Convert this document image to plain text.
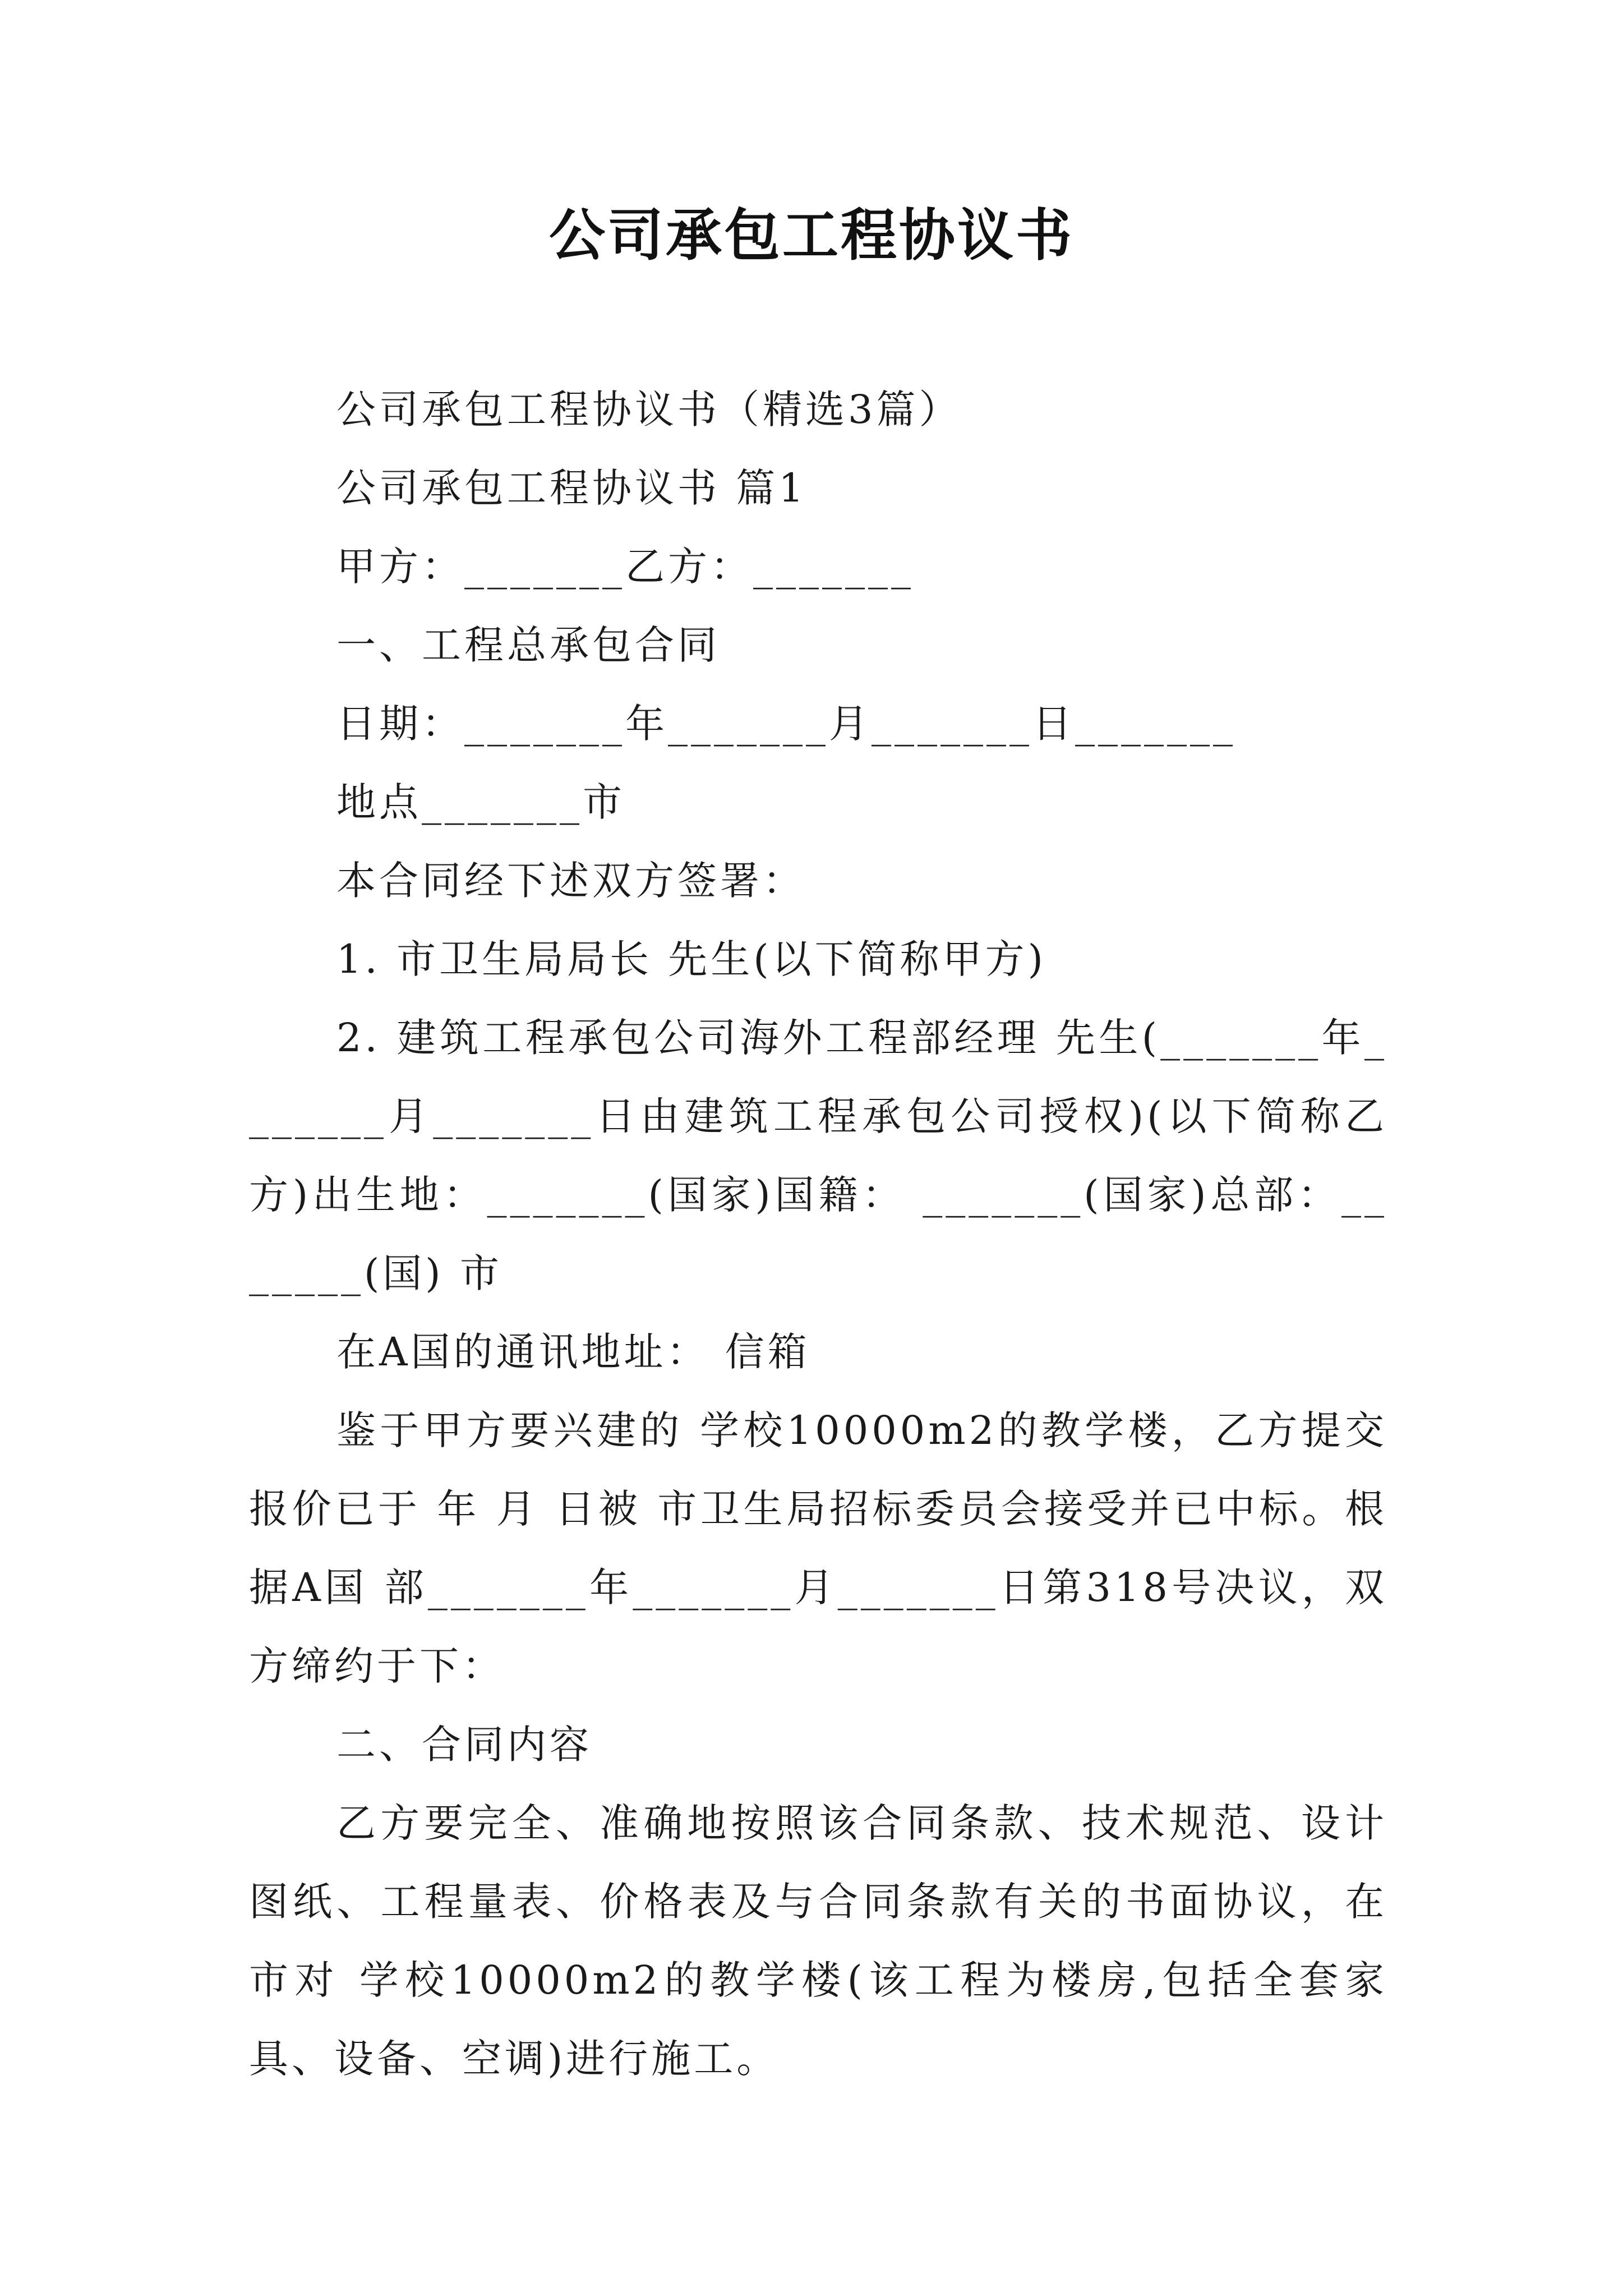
公司承包工程协议书

公司承包工程协议书（精选3篇）

公司承包工程协议书 篇1

甲方：_______乙方：_______

一、工程总承包合同

日期：_______年_______月_______日_______

地点_______市

本合同经下述双方签署：

1. 市卫生局局长 先生(以下简称甲方)

2. 建筑工程承包公司海外工程部经理 先生(_______年_______月_______日由建筑工程承包公司授权)(以下简称乙方)出生地：_______(国家)国籍： _______(国家)总部：_______(国) 市

在A国的通讯地址： 信箱

鉴于甲方要兴建的 学校10000m2的教学楼，乙方提交报价已于 年 月 日被 市卫生局招标委员会接受并已中标。根据A国 部_______年_______月_______日第318号决议，双方缔约于下：

二、合同内容

乙方要完全、准确地按照该合同条款、技术规范、设计图纸、工程量表、价格表及与合同条款有关的书面协议，在市对 学校10000m2的教学楼(该工程为楼房,包括全套家具、设备、空调)进行施工。
